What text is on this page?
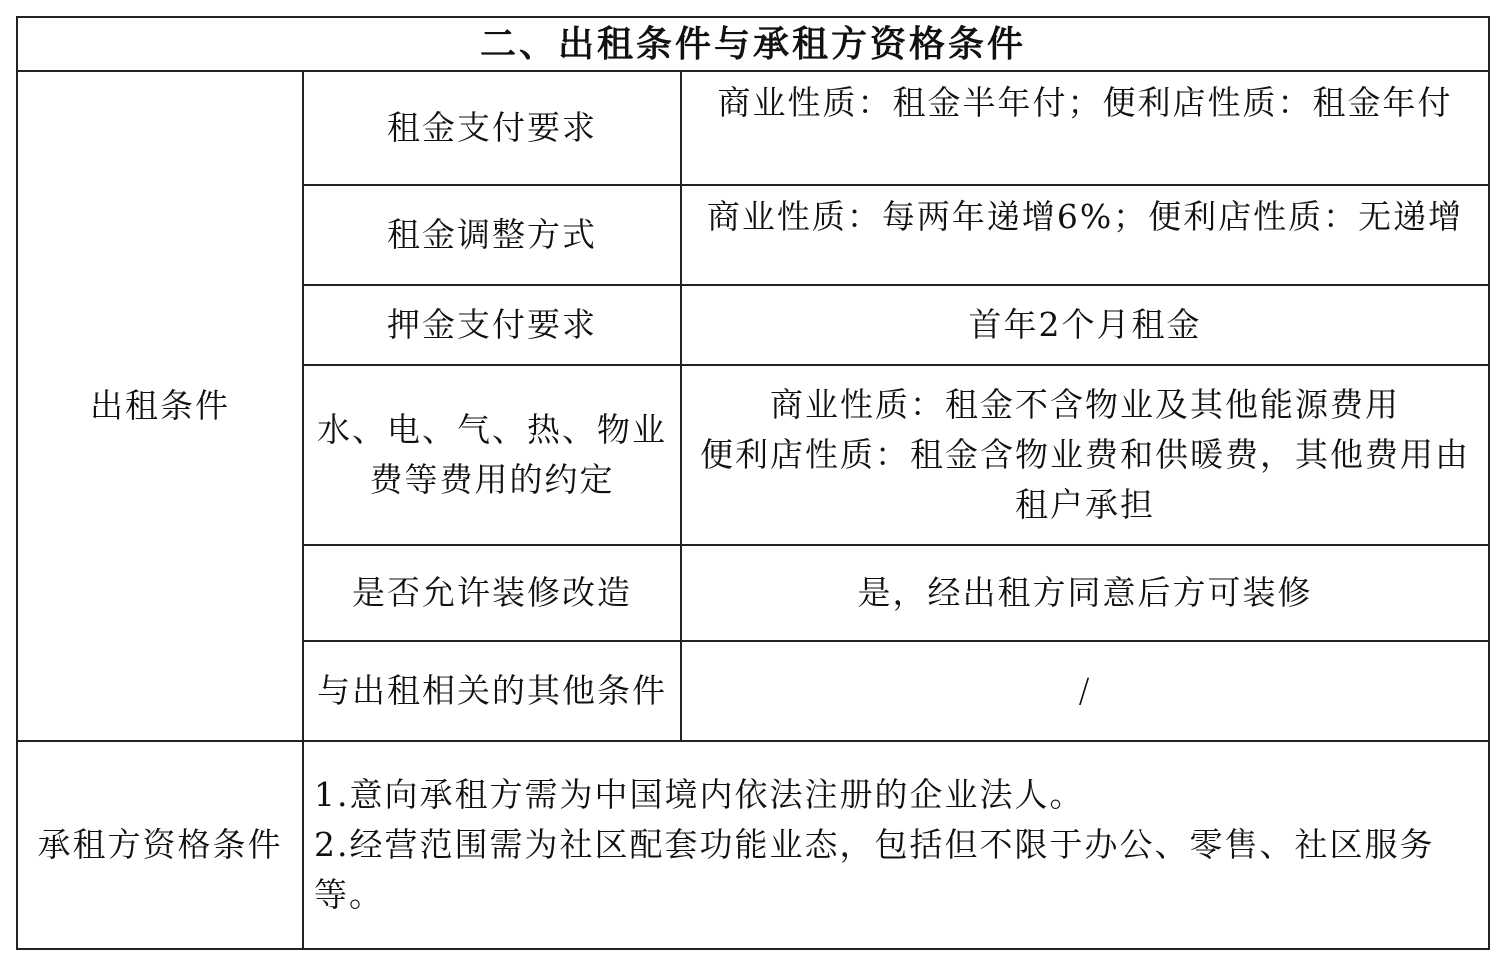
二、出租条件与承租方资格条件		
出租条件	租金支付要求	商业性质：租金半年付；便利店性质：租金年付
	租金调整方式	商业性质：每两年递增6%；便利店性质：无递增
	押金支付要求	首年2个月租金
	水、电、气、热、物业费等费用的约定	商业性质：租金不含物业及其他能源费用
便利店性质：租金含物业费和供暖费，其他费用由租户承担

	是否允许装修改造	是，经出租方同意后方可装修
	与出租相关的其他条件	/
承租方资格条件	1.意向承租方需为中国境内依法注册的企业法人。
2.经营范围需为社区配套功能业态，包括但不限于办公、零售、社区服务等。	
